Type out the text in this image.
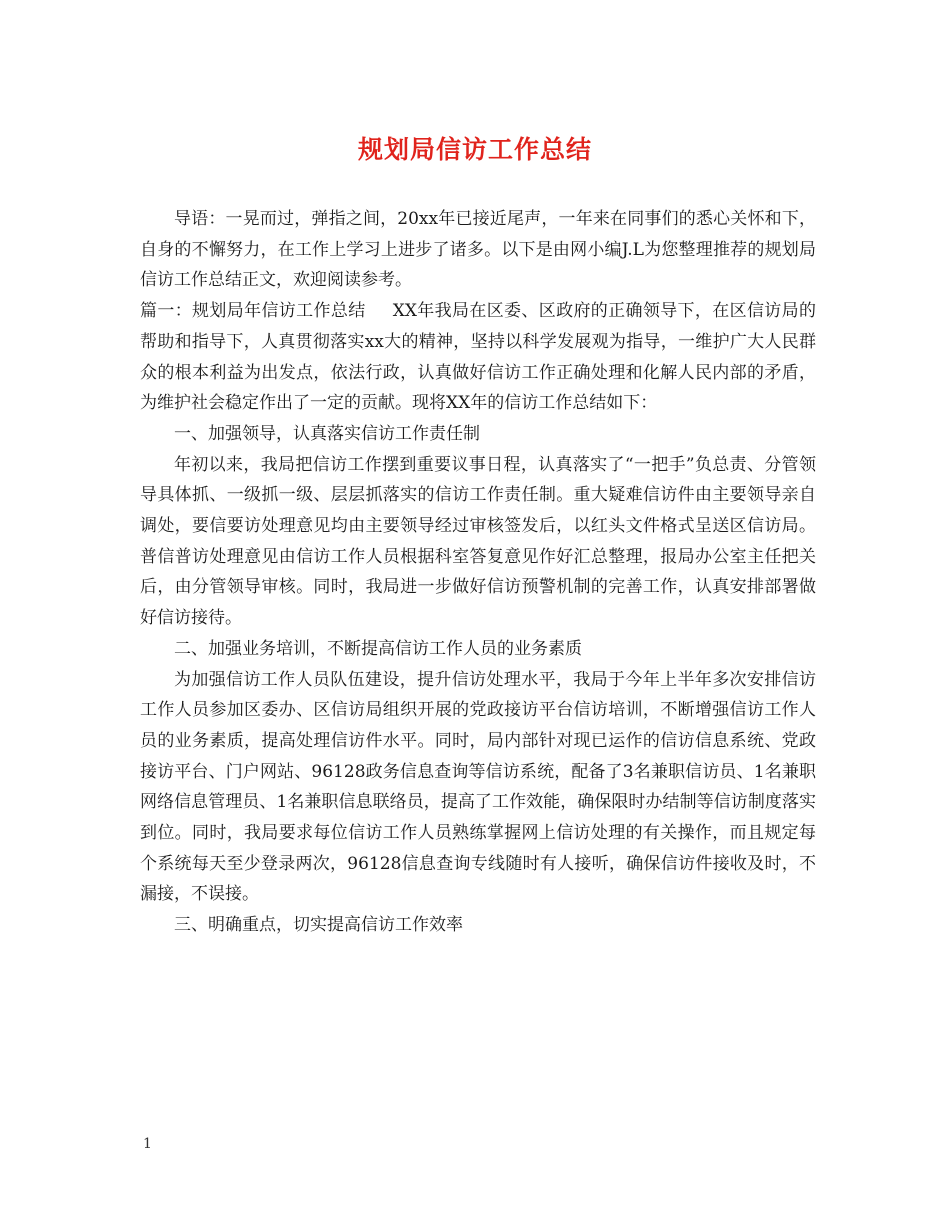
规划局信访工作总结

导语：一晃而过，弹指之间，20xx年已接近尾声，一年来在同事们的悉心关怀和下，自身的不懈努力，在工作上学习上进步了诸多。以下是由网小编J.L为您整理推荐的规划局信访工作总结正文，欢迎阅读参考。

篇一：规划局年信访工作总结 XX年我局在区委、区政府的正确领导下，在区信访局的帮助和指导下，人真贯彻落实xx大的精神，坚持以科学发展观为指导，一维护广大人民群众的根本利益为出发点，依法行政，认真做好信访工作正确处理和化解人民内部的矛盾，为维护社会稳定作出了一定的贡献。现将XX年的信访工作总结如下：

一、加强领导，认真落实信访工作责任制

年初以来，我局把信访工作摆到重要议事日程，认真落实了“一把手”负总责、分管领导具体抓、一级抓一级、层层抓落实的信访工作责任制。重大疑难信访件由主要领导亲自调处，要信要访处理意见均由主要领导经过审核签发后，以红头文件格式呈送区信访局。普信普访处理意见由信访工作人员根据科室答复意见作好汇总整理，报局办公室主任把关后，由分管领导审核。同时，我局进一步做好信访预警机制的完善工作，认真安排部署做好信访接待。

二、加强业务培训，不断提高信访工作人员的业务素质

为加强信访工作人员队伍建设，提升信访处理水平，我局于今年上半年多次安排信访工作人员参加区委办、区信访局组织开展的党政接访平台信访培训，不断增强信访工作人员的业务素质，提高处理信访件水平。同时，局内部针对现已运作的信访信息系统、党政接访平台、门户网站、96128政务信息查询等信访系统，配备了3名兼职信访员、1名兼职网络信息管理员、1名兼职信息联络员，提高了工作效能，确保限时办结制等信访制度落实到位。同时，我局要求每位信访工作人员熟练掌握网上信访处理的有关操作，而且规定每个系统每天至少登录两次，96128信息查询专线随时有人接听，确保信访件接收及时，不漏接，不误接。

三、明确重点，切实提高信访工作效率

1
